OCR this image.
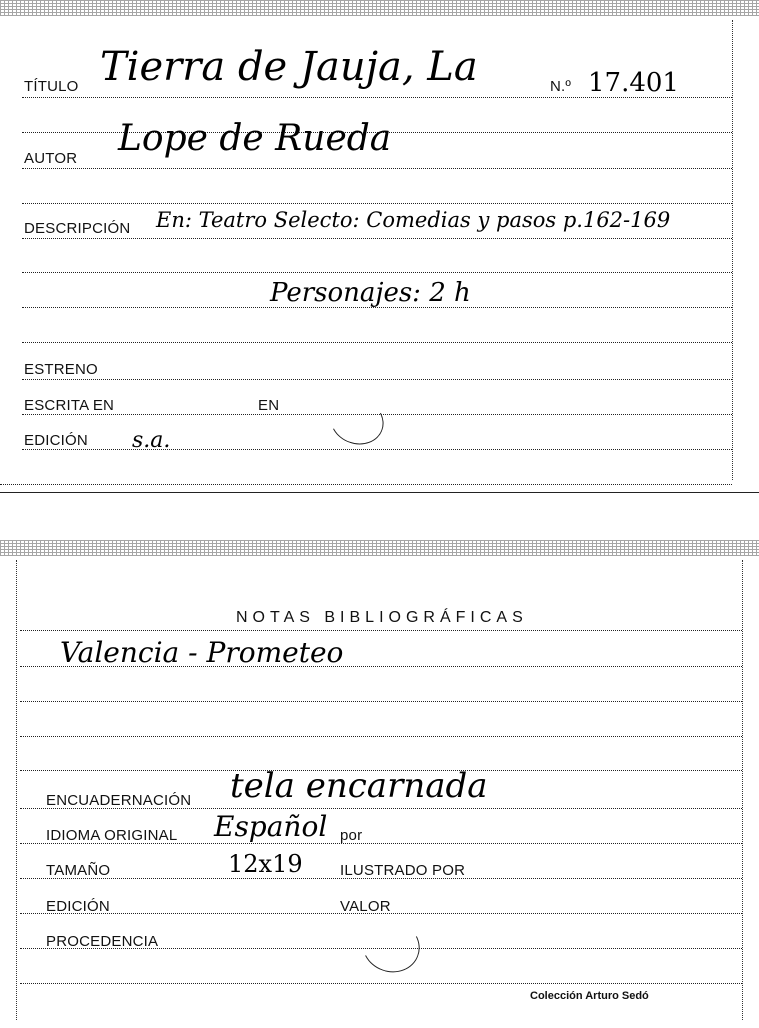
TÍTULO Tierra de Jauja, La	N.º 17.401
AUTOR Lope de Rueda
DESCRIPCIÓN En: Teatro Selecto: Comedias y pasos p.162-169
Personajes: 2 h
ESTRENO
ESCRITA EN	EN
EDICIÓN s.a.
NOTAS BIBLIOGRÁFICAS
Valencia - Prometeo
ENCUADERNACIÓN tela encarnada
IDIOMA ORIGINAL Español por
TAMAÑO	12x19 ILUSTRADO POR
EDICIÓN	VALOR
PROCEDENCIA
Colección Arturo Sedó
